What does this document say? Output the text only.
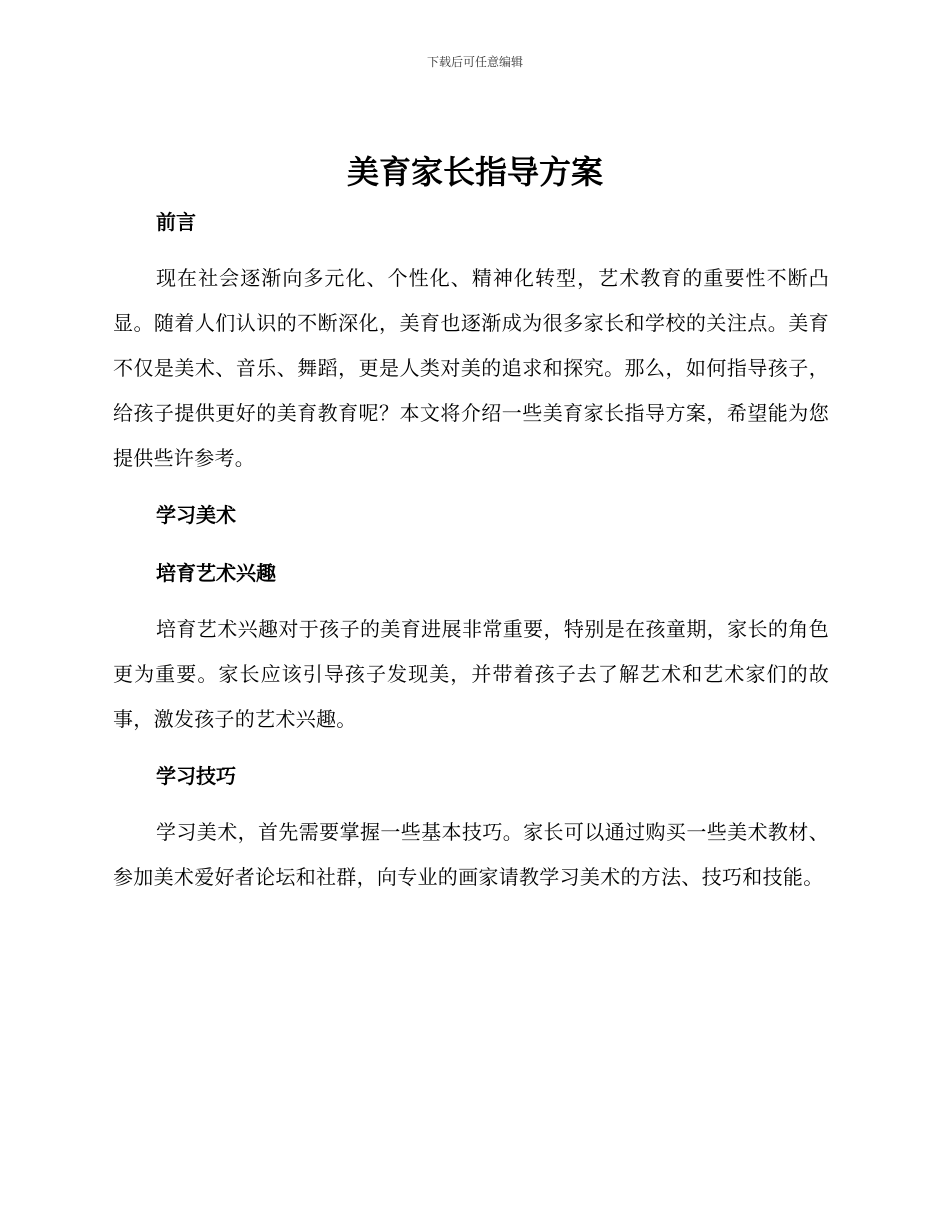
下载后可任意编辑
美育家长指导方案
前言

现在社会逐渐向多元化、个性化、精神化转型，艺术教育的重要性不断凸显。随着人们认识的不断深化，美育也逐渐成为很多家长和学校的关注点。美育不仅是美术、音乐、舞蹈，更是人类对美的追求和探究。那么，如何指导孩子，给孩子提供更好的美育教育呢？本文将介绍一些美育家长指导方案，希望能为您提供些许参考。

学习美术
培育艺术兴趣

培育艺术兴趣对于孩子的美育进展非常重要，特别是在孩童期，家长的角色更为重要。家长应该引导孩子发现美，并带着孩子去了解艺术和艺术家们的故事，激发孩子的艺术兴趣。

学习技巧

学习美术，首先需要掌握一些基本技巧。家长可以通过购买一些美术教材、参加美术爱好者论坛和社群，向专业的画家请教学习美术的方法、技巧和技能。
